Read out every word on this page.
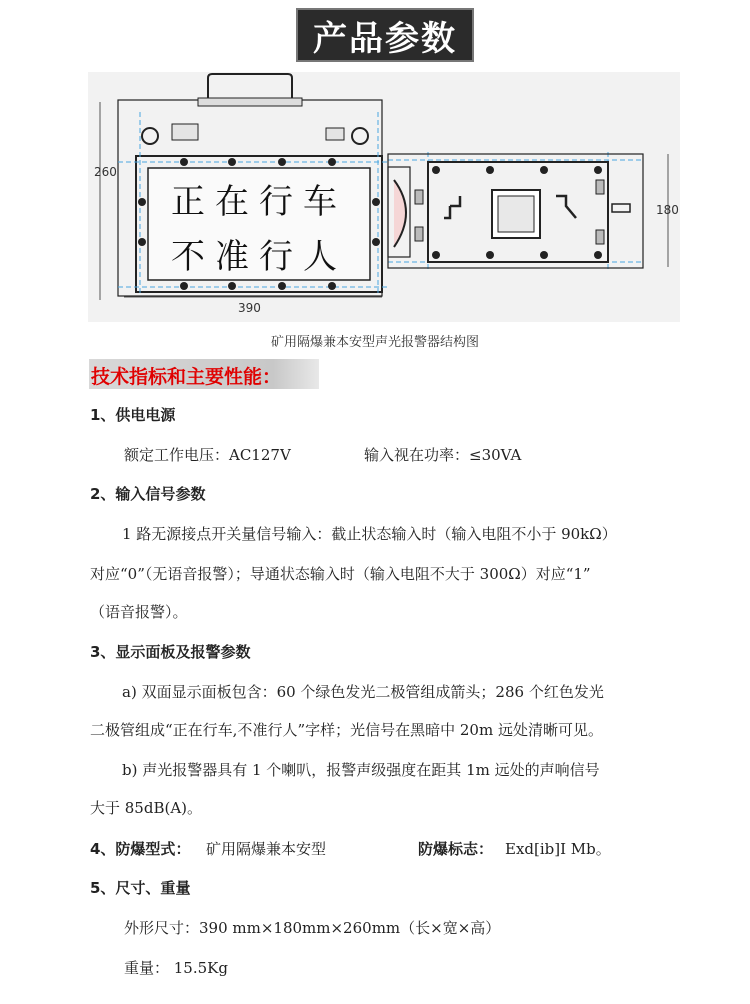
产品参数
260
390
180
正在行车
不准行人
矿用隔爆兼本安型声光报警器结构图
技术指标和主要性能：
1、供电电源
额定工作电压：AC127V	输入视在功率：≤30VA
2、输入信号参数
1 路无源接点开关量信号输入：截止状态输入时（输入电阻不小于 90kΩ）
对应“0”（无语音报警）；导通状态输入时（输入电阻不大于 300Ω）对应“1”
（语音报警）。
3、显示面板及报警参数
a) 双面显示面板包含：60 个绿色发光二极管组成箭头；286 个红色发光
二极管组成“正在行车,不准行人”字样；光信号在黑暗中 20m 远处清晰可见。
b) 声光报警器具有 1 个喇叭，报警声级强度在距其 1m 远处的声响信号
大于 85dB(A)。
4、防爆型式： 矿用隔爆兼本安型	防爆标志： Exd[ib]I Mb。
5、尺寸、重量
外形尺寸：390 mm×180mm×260mm（长×宽×高）
重量： 15.5Kg
